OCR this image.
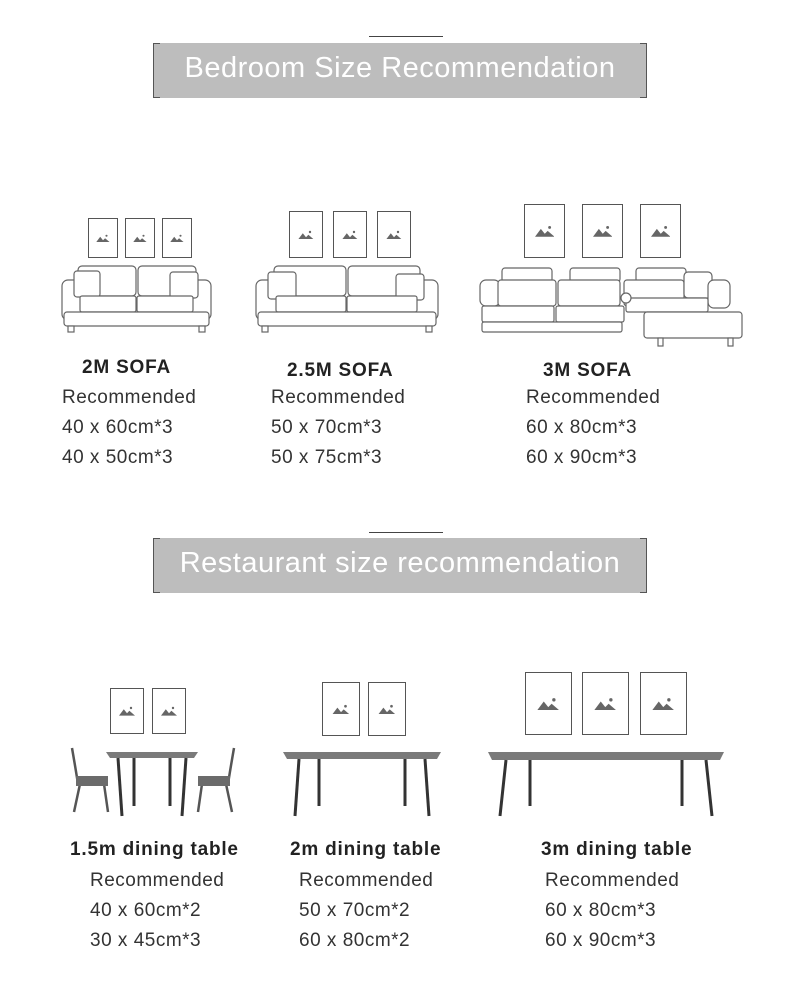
Bedroom Size Recommendation
2M SOFA
Recommended
40 x 60cm*3
40 x 50cm*3
2.5M SOFA
Recommended
50 x 70cm*3
50 x 75cm*3
3M SOFA
Recommended
60 x 80cm*3
60 x 90cm*3
Restaurant size recommendation
1.5m dining table
Recommended
40 x 60cm*2
30 x 45cm*3
2m dining table
Recommended
50 x 70cm*2
60 x 80cm*2
3m dining table
Recommended
60 x 80cm*3
60 x 90cm*3
